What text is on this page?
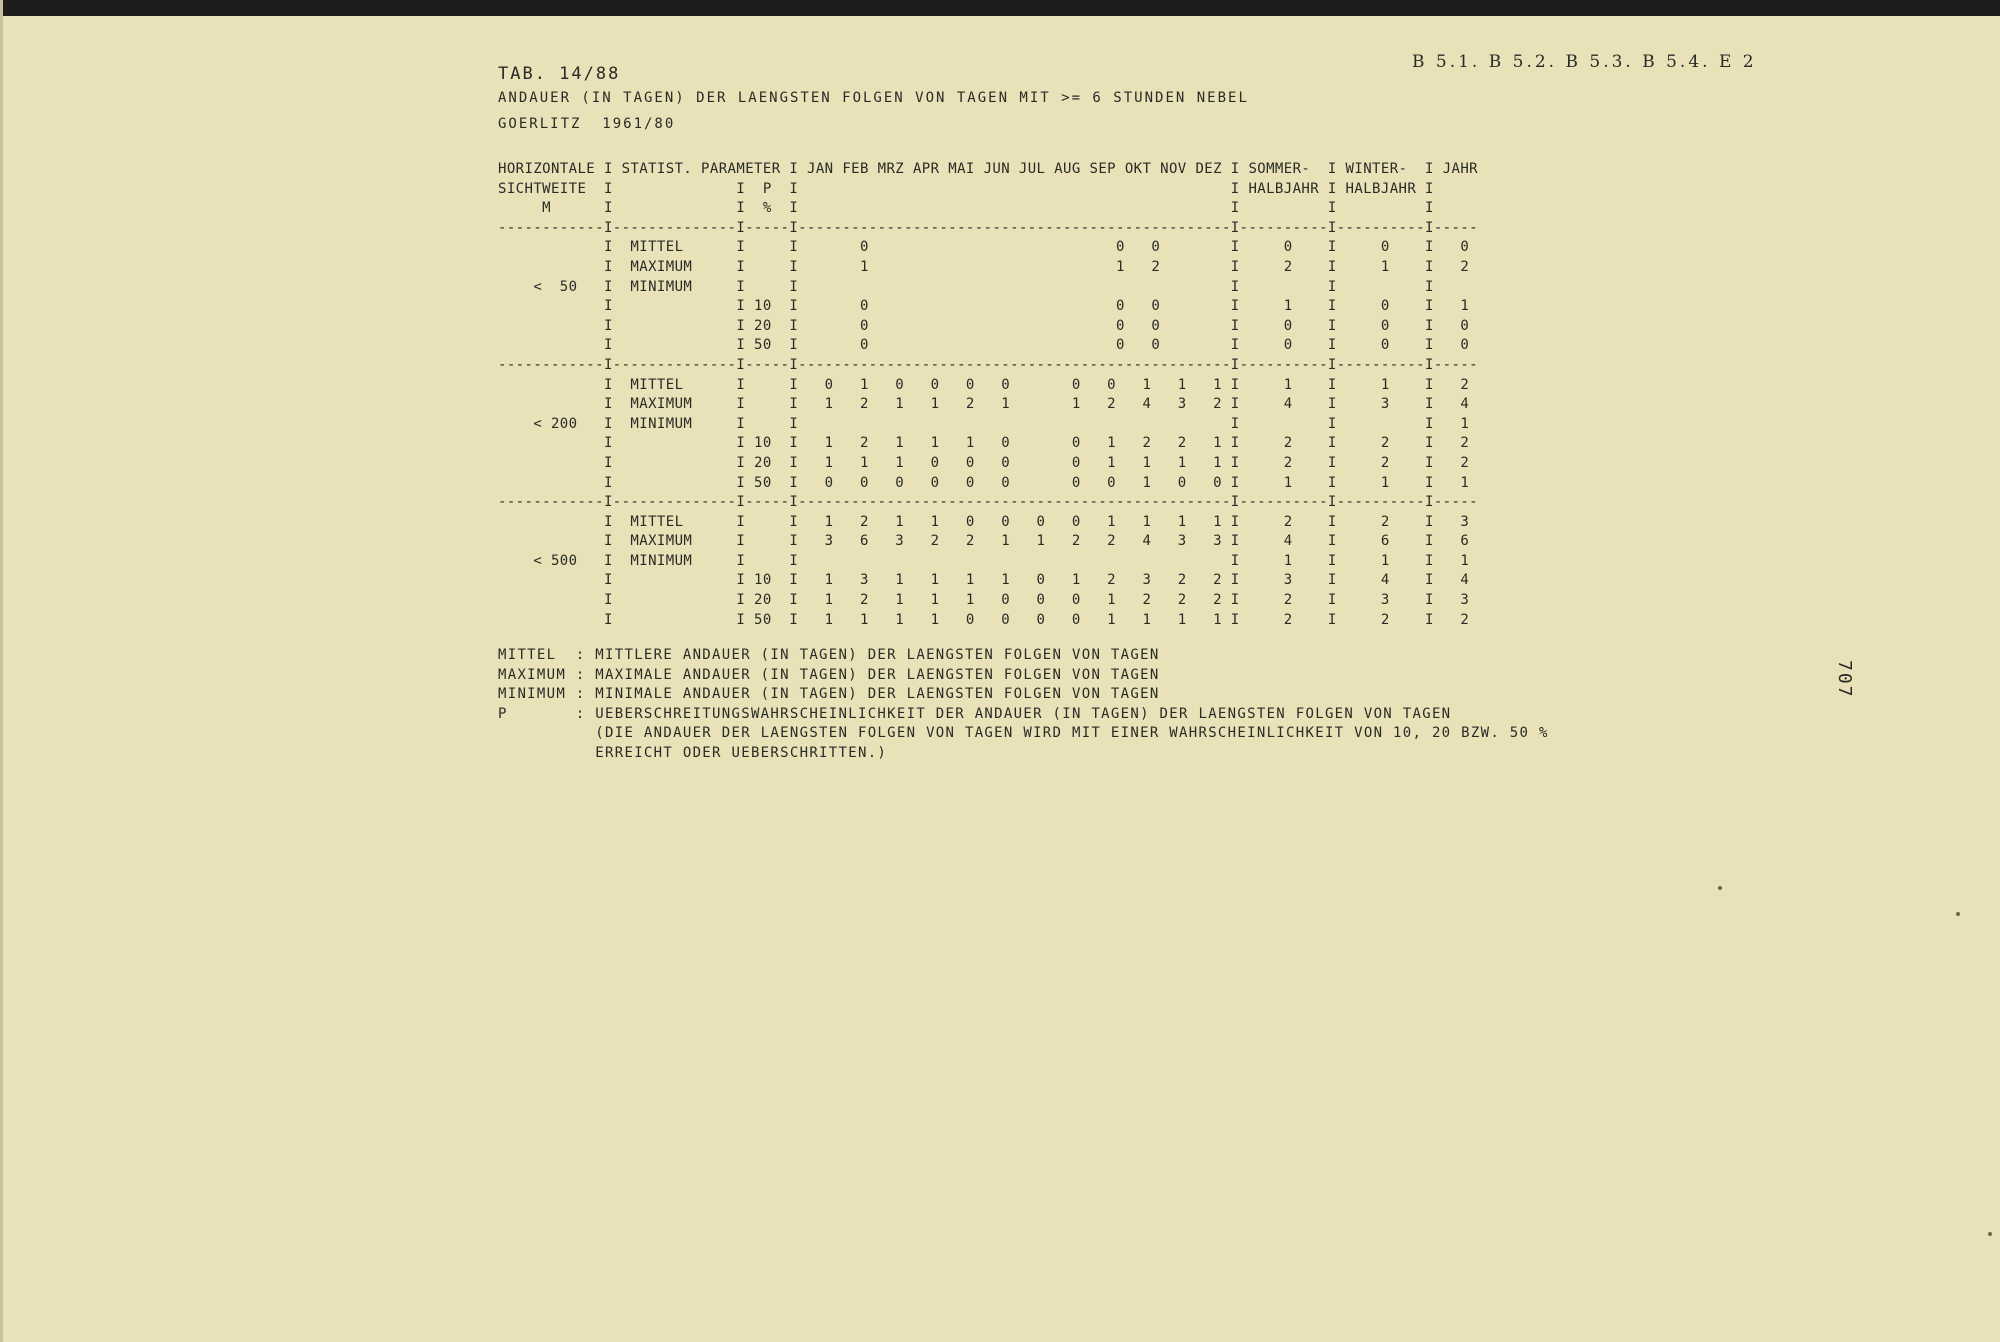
TAB. 14/88
B 5.1. B 5.2. B 5.3. B 5.4. E 2
ANDAUER (IN TAGEN) DER LAENGSTEN FOLGEN VON TAGEN MIT >= 6 STUNDEN NEBEL
GOERLITZ  1961/80
HORIZONTALE I STATIST. PARAMETER I JAN FEB MRZ APR MAI JUN JUL AUG SEP OKT NOV DEZ I SOMMER-  I WINTER-  I JAHR
SICHTWEITE  I              I  P  I                                                 I HALBJAHR I HALBJAHR I
M      I              I  %  I                                                 I          I          I
------------I--------------I-----I-------------------------------------------------I----------I----------I-----
I  MITTEL      I     I       0                            0   0        I     0    I     0    I   0
I  MAXIMUM     I     I       1                            1   2        I     2    I     1    I   2
<  50   I  MINIMUM     I     I                                                 I          I          I
I              I 10  I       0                            0   0        I     1    I     0    I   1
I              I 20  I       0                            0   0        I     0    I     0    I   0
I              I 50  I       0                            0   0        I     0    I     0    I   0
------------I--------------I-----I-------------------------------------------------I----------I----------I-----
I  MITTEL      I     I   0   1   0   0   0   0       0   0   1   1   1 I     1    I     1    I   2
I  MAXIMUM     I     I   1   2   1   1   2   1       1   2   4   3   2 I     4    I     3    I   4
< 200   I  MINIMUM     I     I                                                 I          I          I   1
I              I 10  I   1   2   1   1   1   0       0   1   2   2   1 I     2    I     2    I   2
I              I 20  I   1   1   1   0   0   0       0   1   1   1   1 I     2    I     2    I   2
I              I 50  I   0   0   0   0   0   0       0   0   1   0   0 I     1    I     1    I   1
------------I--------------I-----I-------------------------------------------------I----------I----------I-----
I  MITTEL      I     I   1   2   1   1   0   0   0   0   1   1   1   1 I     2    I     2    I   3
I  MAXIMUM     I     I   3   6   3   2   2   1   1   2   2   4   3   3 I     4    I     6    I   6
< 500   I  MINIMUM     I     I                                                 I     1    I     1    I   1
I              I 10  I   1   3   1   1   1   1   0   1   2   3   2   2 I     3    I     4    I   4
I              I 20  I   1   2   1   1   1   0   0   0   1   2   2   2 I     2    I     3    I   3
I              I 50  I   1   1   1   1   0   0   0   0   1   1   1   1 I     2    I     2    I   2
MITTEL  : MITTLERE ANDAUER (IN TAGEN) DER LAENGSTEN FOLGEN VON TAGEN
MAXIMUM : MAXIMALE ANDAUER (IN TAGEN) DER LAENGSTEN FOLGEN VON TAGEN
MINIMUM : MINIMALE ANDAUER (IN TAGEN) DER LAENGSTEN FOLGEN VON TAGEN
P       : UEBERSCHREITUNGSWAHRSCHEINLICHKEIT DER ANDAUER (IN TAGEN) DER LAENGSTEN FOLGEN VON TAGEN
(DIE ANDAUER DER LAENGSTEN FOLGEN VON TAGEN WIRD MIT EINER WAHRSCHEINLICHKEIT VON 10, 20 BZW. 50 %
ERREICHT ODER UEBERSCHRITTEN.)
707
